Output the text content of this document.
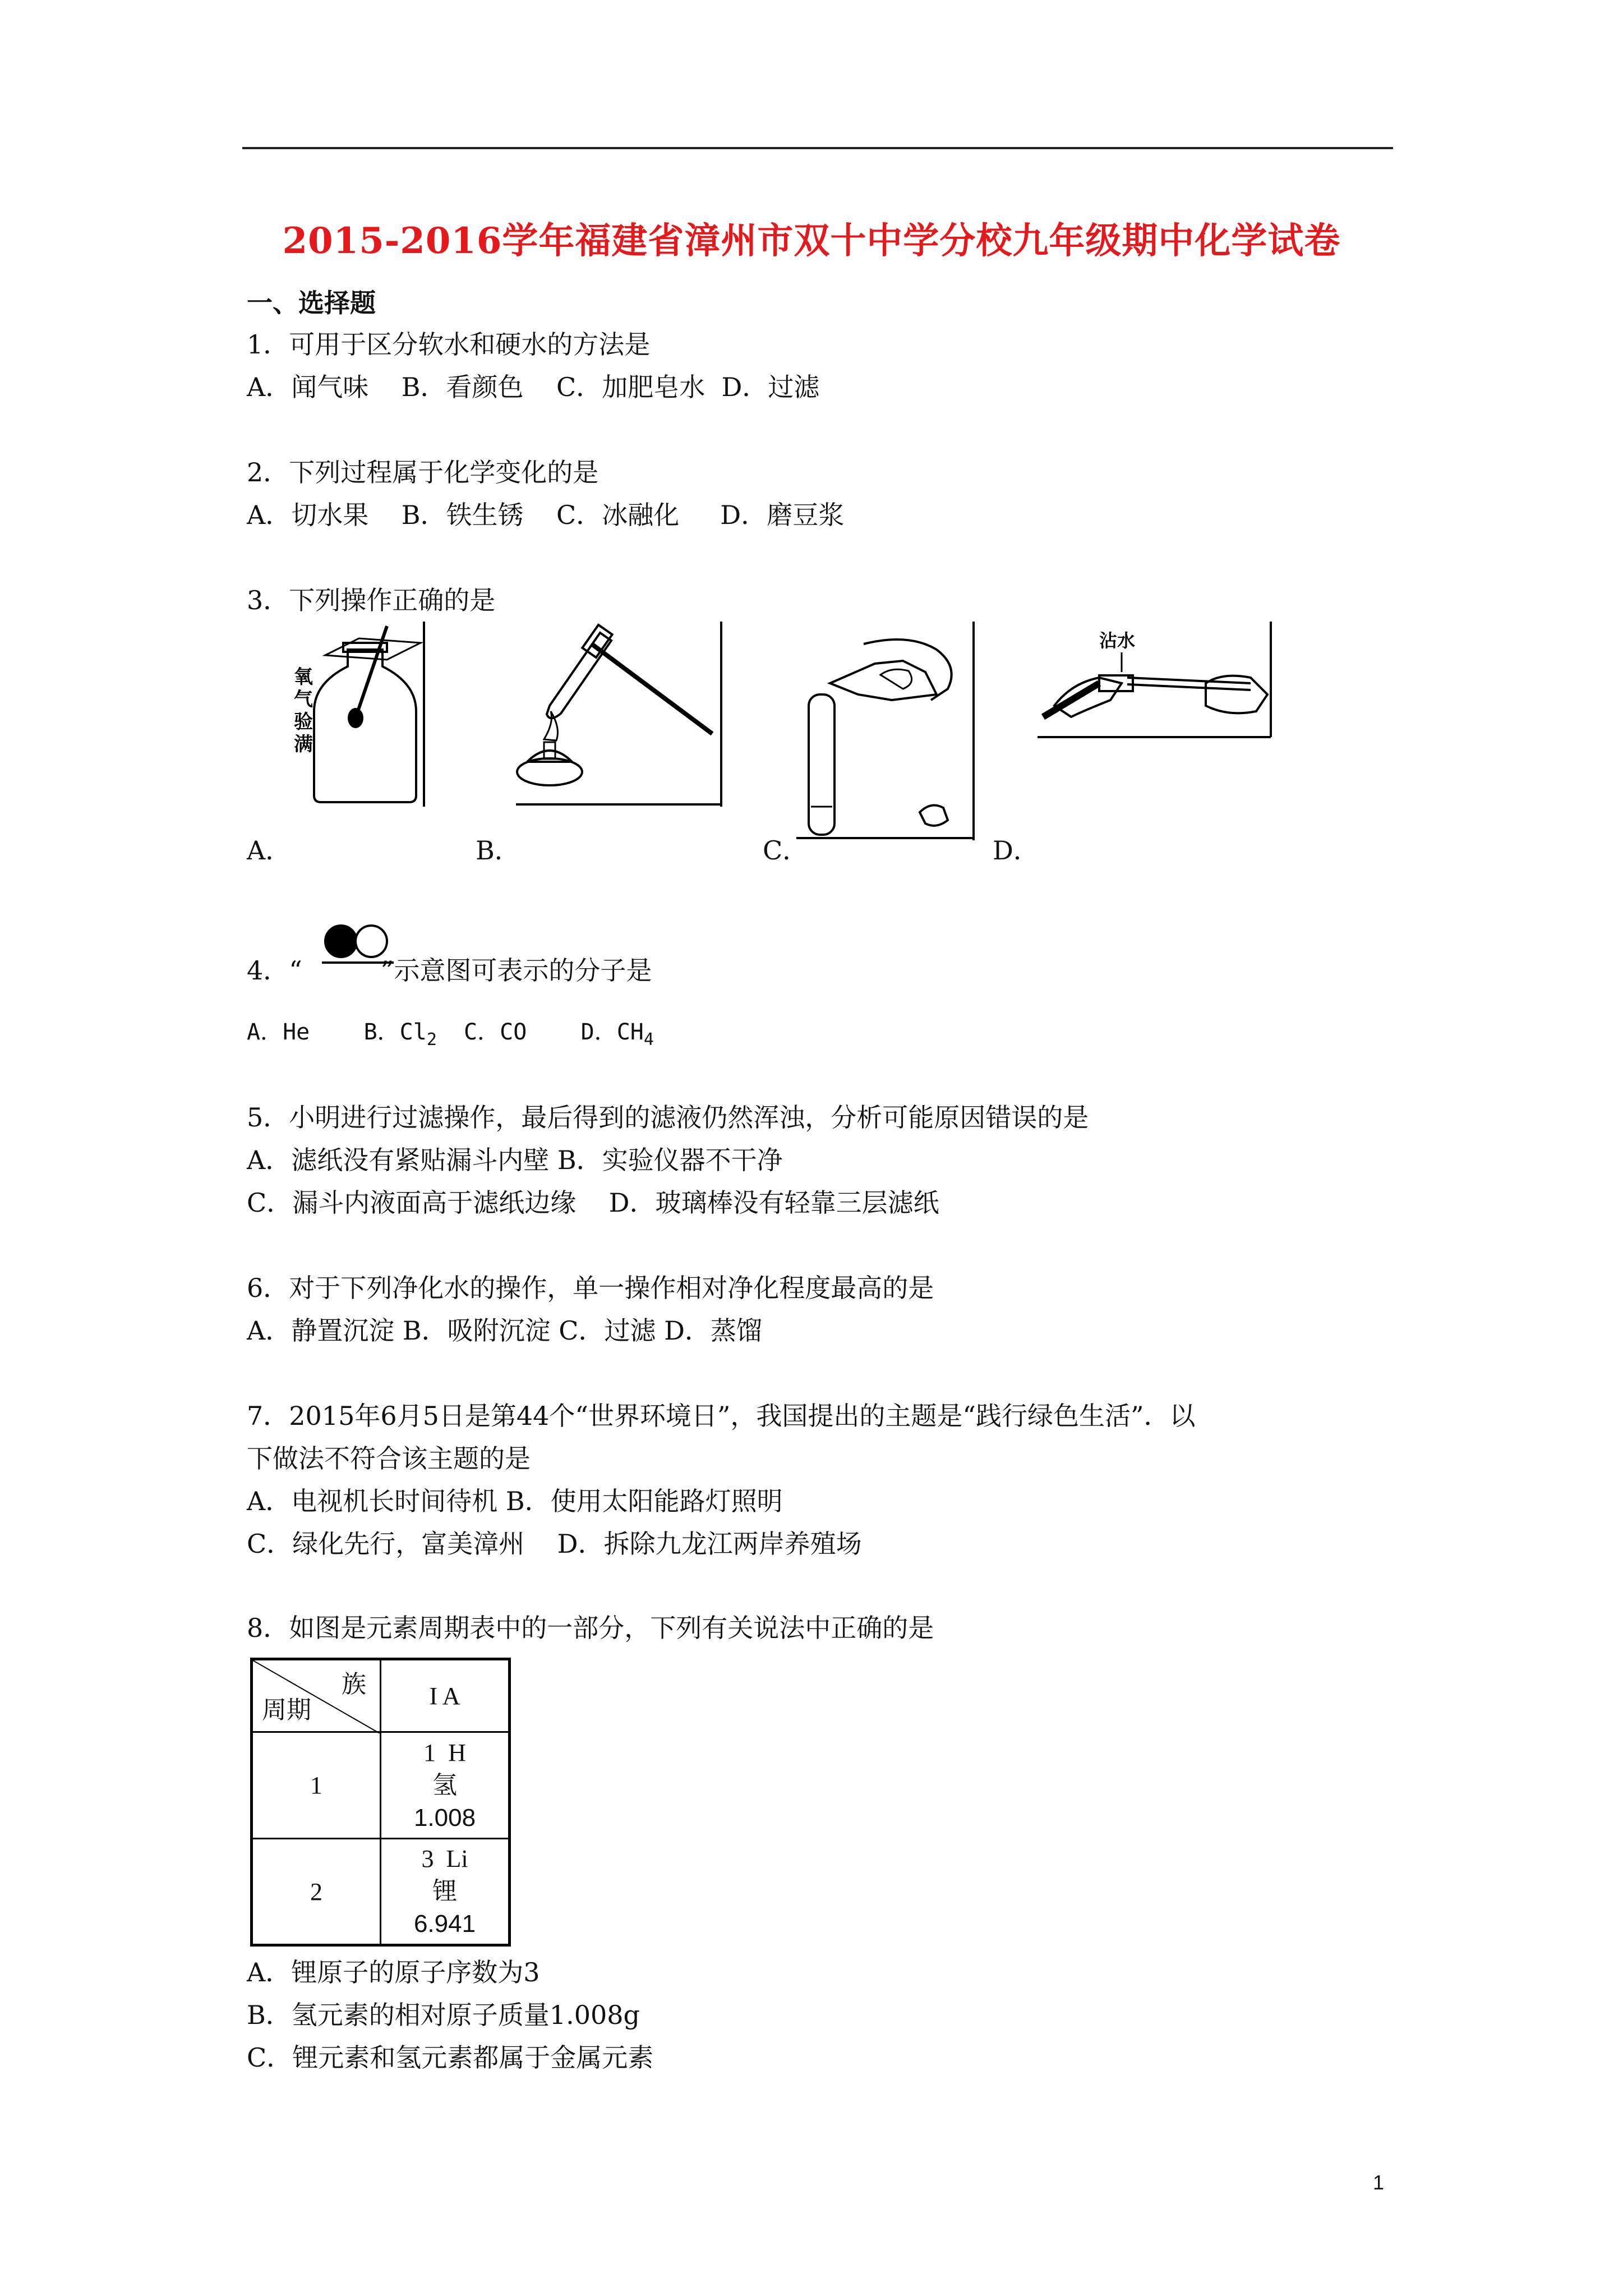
2015-2016学年福建省漳州市双十中学分校九年级期中化学试卷
一、选择题
1．可用于区分软水和硬水的方法是
A．闻气味    B．看颜色    C．加肥皂水  D．过滤
2．下列过程属于化学变化的是
A．切水果    B．铁生锈    C．冰融化     D．磨豆浆
3．下列操作正确的是
氧气验满
沾水
A．	B．	C．	D．
4．“	”示意图可表示的分子是
A．He    B．$Cl_2$  C．CO    D．$CH_4$
5．小明进行过滤操作，最后得到的滤液仍然浑浊，分析可能原因错误的是
A．滤纸没有紧贴漏斗内壁 B．实验仪器不干净
C．漏斗内液面高于滤纸边缘    D．玻璃棒没有轻靠三层滤纸
6．对于下列净化水的操作，单一操作相对净化程度最高的是
A．静置沉淀 B．吸附沉淀 C．过滤 D．蒸馏
7．2015年6月5日是第44个“世界环境日”，我国提出的主题是“践行绿色生活”．以
下做法不符合该主题的是
A．电视机长时间待机 B．使用太阳能路灯照明
C．绿化先行，富美漳州    D．拆除九龙江两岸养殖场
8．如图是元素周期表中的一部分，下列有关说法中正确的是
族
周期	I A
1	1  H
氢
1.008

2	3  Li
锂
6.941
A．锂原子的原子序数为3
B．氢元素的相对原子质量1.008g
C．锂元素和氢元素都属于金属元素
1
